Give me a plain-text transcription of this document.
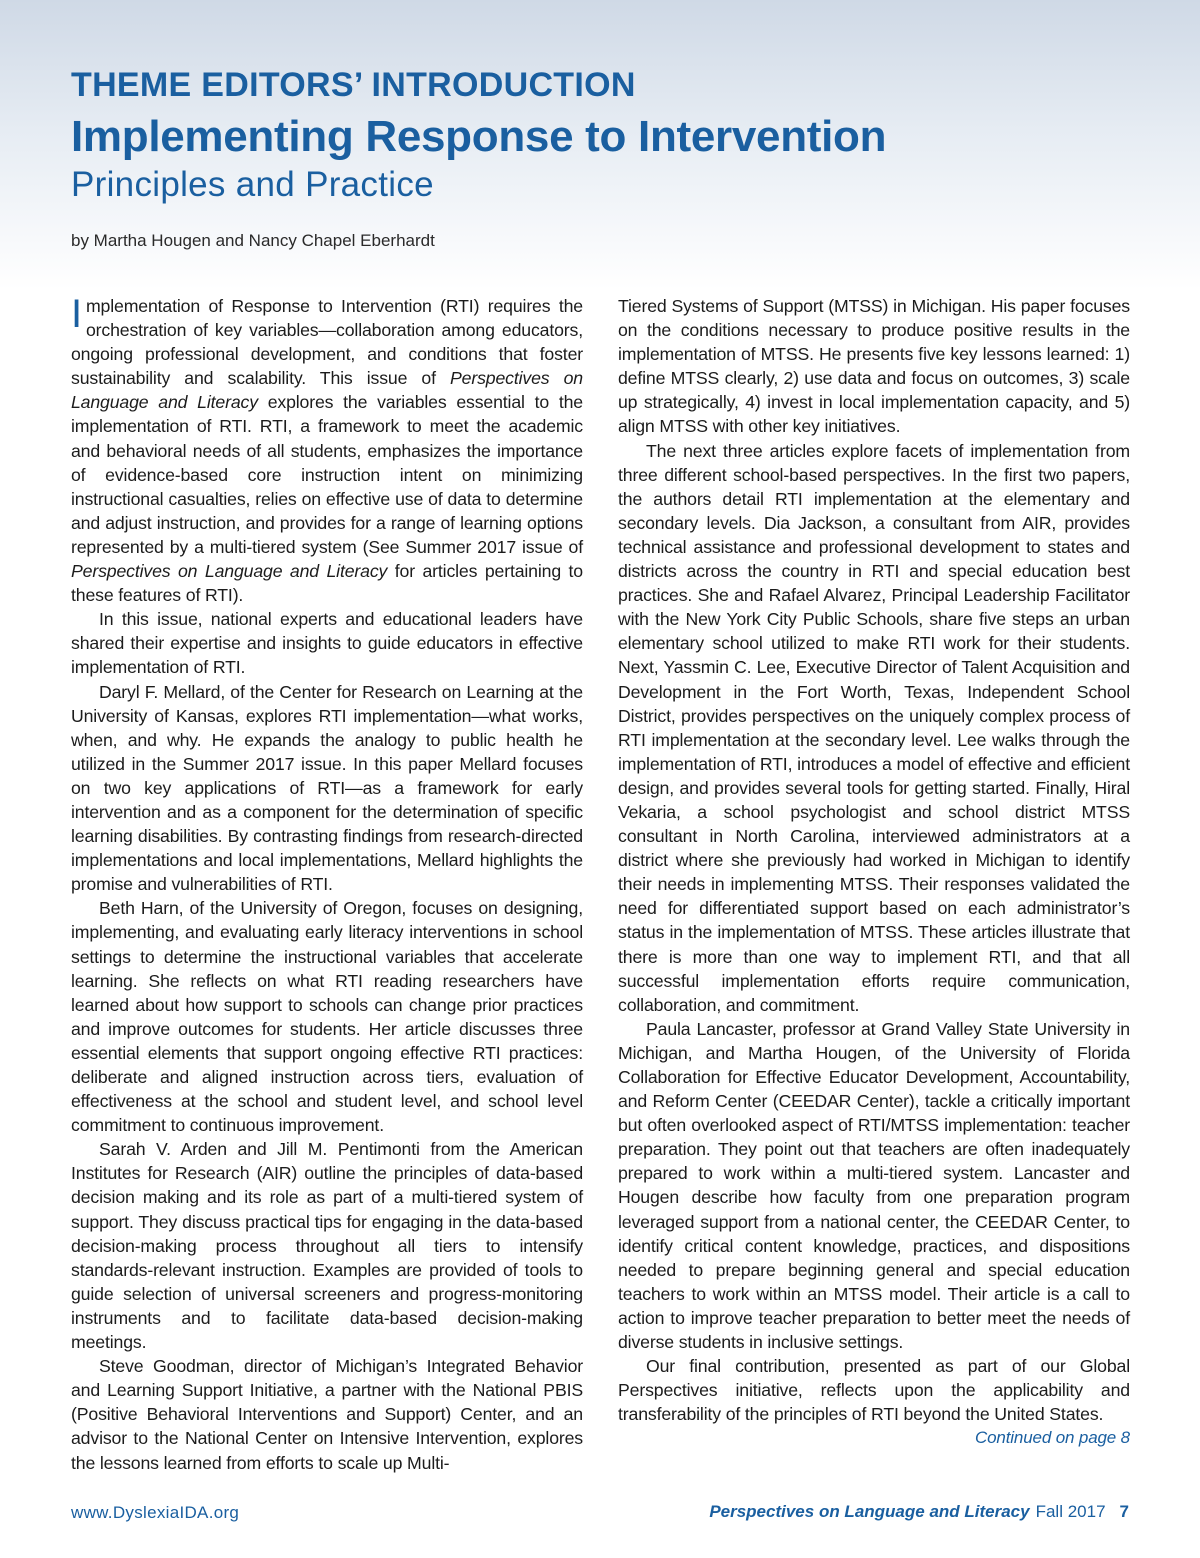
THEME EDITORS’ INTRODUCTION
Implementing Response to Intervention
Principles and Practice

by Martha Hougen and Nancy Chapel Eberhardt

Implementation of Response to Intervention (RTI) requires the orchestration of key variables—collaboration among educators, ongoing professional development, and conditions that foster sustainability and scalability. This issue of Perspectives on Language and Literacy explores the variables essential to the implementation of RTI. RTI, a framework to meet the academic and behavioral needs of all students, emphasizes the importance of evidence-based core instruction intent on minimizing instructional casualties, relies on effective use of data to determine and adjust instruction, and provides for a range of learning options represented by a multi-tiered system (See Summer 2017 issue of Perspectives on Language and Literacy for articles pertaining to these features of RTI).

In this issue, national experts and educational leaders have shared their expertise and insights to guide educators in effective implementation of RTI.

Daryl F. Mellard, of the Center for Research on Learning at the University of Kansas, explores RTI implementation—what works, when, and why. He expands the analogy to public health he utilized in the Summer 2017 issue. In this paper Mellard focuses on two key applications of RTI—as a framework for early intervention and as a component for the determination of specific learning disabilities. By contrasting findings from research-directed implementations and local implementations, Mellard highlights the promise and vulnerabilities of RTI.

Beth Harn, of the University of Oregon, focuses on designing, implementing, and evaluating early literacy interventions in school settings to determine the instructional variables that accelerate learning. She reflects on what RTI reading researchers have learned about how support to schools can change prior practices and improve outcomes for students. Her article discusses three essential elements that support ongoing effective RTI practices: deliberate and aligned instruction across tiers, evaluation of effectiveness at the school and student level, and school level commitment to continuous improvement.

Sarah V. Arden and Jill M. Pentimonti from the American Institutes for Research (AIR) outline the principles of data-based decision making and its role as part of a multi-tiered system of support. They discuss practical tips for engaging in the data-based decision-making process throughout all tiers to intensify standards-relevant instruction. Examples are provided of tools to guide selection of universal screeners and progress-monitoring instruments and to facilitate data-based decision-making meetings.

Steve Goodman, director of Michigan’s Integrated Behavior and Learning Support Initiative, a partner with the National PBIS (Positive Behavioral Interventions and Support) Center, and an advisor to the National Center on Intensive Intervention, explores the lessons learned from efforts to scale up Multi-

Tiered Systems of Support (MTSS) in Michigan. His paper focuses on the conditions necessary to produce positive results in the implementation of MTSS. He presents five key lessons learned: 1) define MTSS clearly, 2) use data and focus on outcomes, 3) scale up strategically, 4) invest in local implementation capacity, and 5) align MTSS with other key initiatives.

The next three articles explore facets of implementation from three different school-based perspectives. In the first two papers, the authors detail RTI implementation at the elementary and secondary levels. Dia Jackson, a consultant from AIR, provides technical assistance and professional development to states and districts across the country in RTI and special education best practices. She and Rafael Alvarez, Principal Leadership Facilitator with the New York City Public Schools, share five steps an urban elementary school utilized to make RTI work for their students. Next, Yassmin C. Lee, Executive Director of Talent Acquisition and Development in the Fort Worth, Texas, Independent School District, provides perspectives on the uniquely complex process of RTI implementation at the secondary level. Lee walks through the implementation of RTI, introduces a model of effective and efficient design, and provides several tools for getting started. Finally, Hiral Vekaria, a school psychologist and school district MTSS consultant in North Carolina, interviewed administrators at a district where she previously had worked in Michigan to identify their needs in implementing MTSS. Their responses validated the need for differentiated support based on each administrator’s status in the implementation of MTSS. These articles illustrate that there is more than one way to implement RTI, and that all successful implementation efforts require communication, collaboration, and commitment.

Paula Lancaster, professor at Grand Valley State University in Michigan, and Martha Hougen, of the University of Florida Collaboration for Effective Educator Development, Accountability, and Reform Center (CEEDAR Center), tackle a critically important but often overlooked aspect of RTI/MTSS implementation: teacher preparation. They point out that teachers are often inadequately prepared to work within a multi-tiered system. Lancaster and Hougen describe how faculty from one preparation program leveraged support from a national center, the CEEDAR Center, to identify critical content knowledge, practices, and dispositions needed to prepare beginning general and special education teachers to work within an MTSS model. Their article is a call to action to improve teacher preparation to better meet the needs of diverse students in inclusive settings.

Our final contribution, presented as part of our Global Perspectives initiative, reflects upon the applicability and transferability of the principles of RTI beyond the United States.

Continued on page 8
www.DyslexiaIDA.org	Perspectives on Language and Literacy Fall 2017 7
